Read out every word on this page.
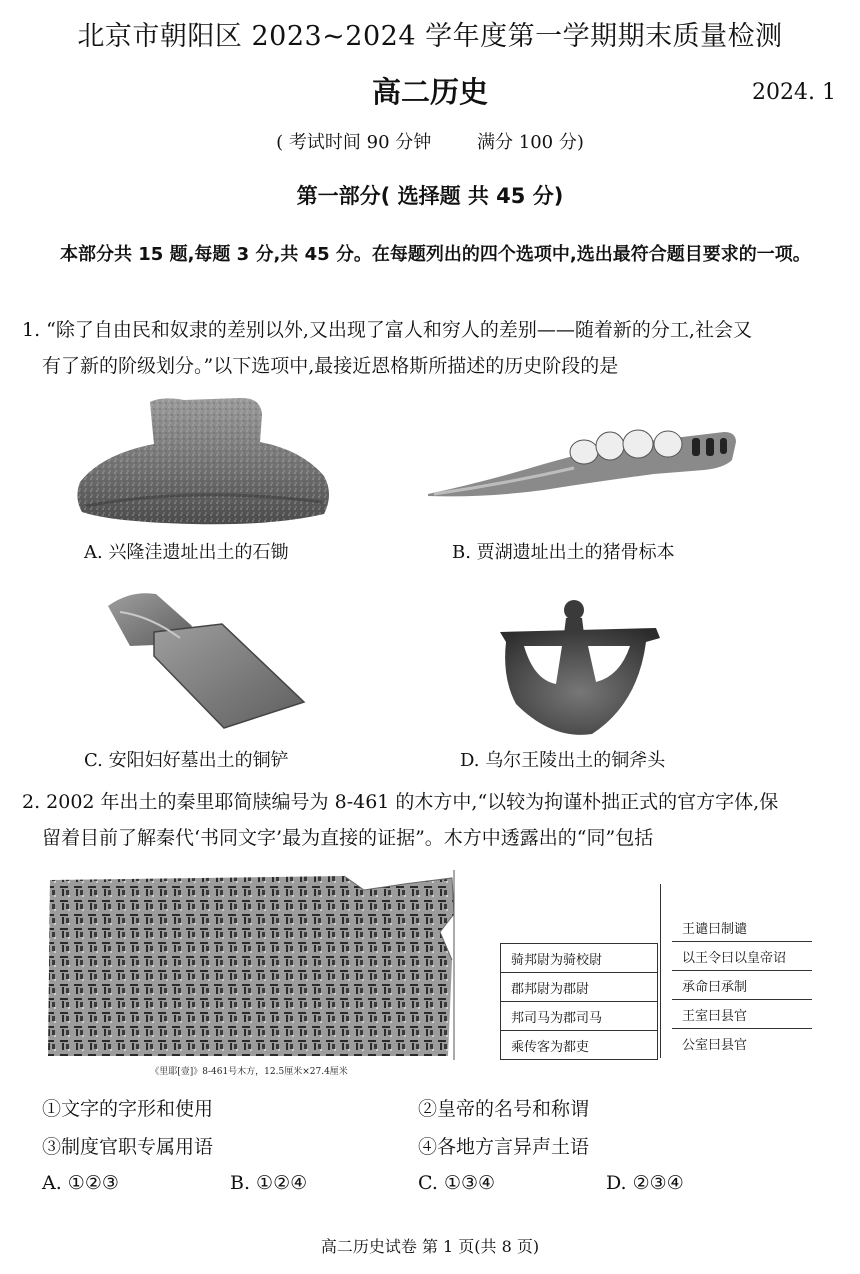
北京市朝阳区 2023~2024 学年度第一学期期末质量检测
高二历史	2024. 1
( 考试时间 90 分钟        满分 100 分)
第一部分( 选择题 共 45 分)
本部分共 15 题,每题 3 分,共 45 分。在每题列出的四个选项中,选出最符合题目要求的一项。
1. “除了自由民和奴隶的差别以外,又出现了富人和穷人的差别——随着新的分工,社会又
有了新的阶级划分。”以下选项中,最接近恩格斯所描述的历史阶段的是
A. 兴隆洼遗址出土的石锄	B. 贾湖遗址出土的猪骨标本
C. 安阳妇好墓出土的铜铲	D. 乌尔王陵出土的铜斧头
2. 2002 年出土的秦里耶简牍编号为 8-461 的木方中,“以较为拘谨朴拙正式的官方字体,保
留着目前了解秦代‘书同文字’最为直接的证据”。木方中透露出的“同”包括
《里耶[壹]》8-461号木方，12.5厘米×27.4厘米
骑邦尉为骑校尉
郡邦尉为郡尉
邦司马为郡司马
乘传客为都吏
王谴曰制谴
以王令曰以皇帝诏
承命曰承制
王室曰县官
公室曰县官
①文字的字形和使用	②皇帝的名号和称谓
③制度官职专属用语	④各地方言异声土语
A. ①②③	B. ①②④	C. ①③④	D. ②③④
高二历史试卷 第 1 页(共 8 页)
